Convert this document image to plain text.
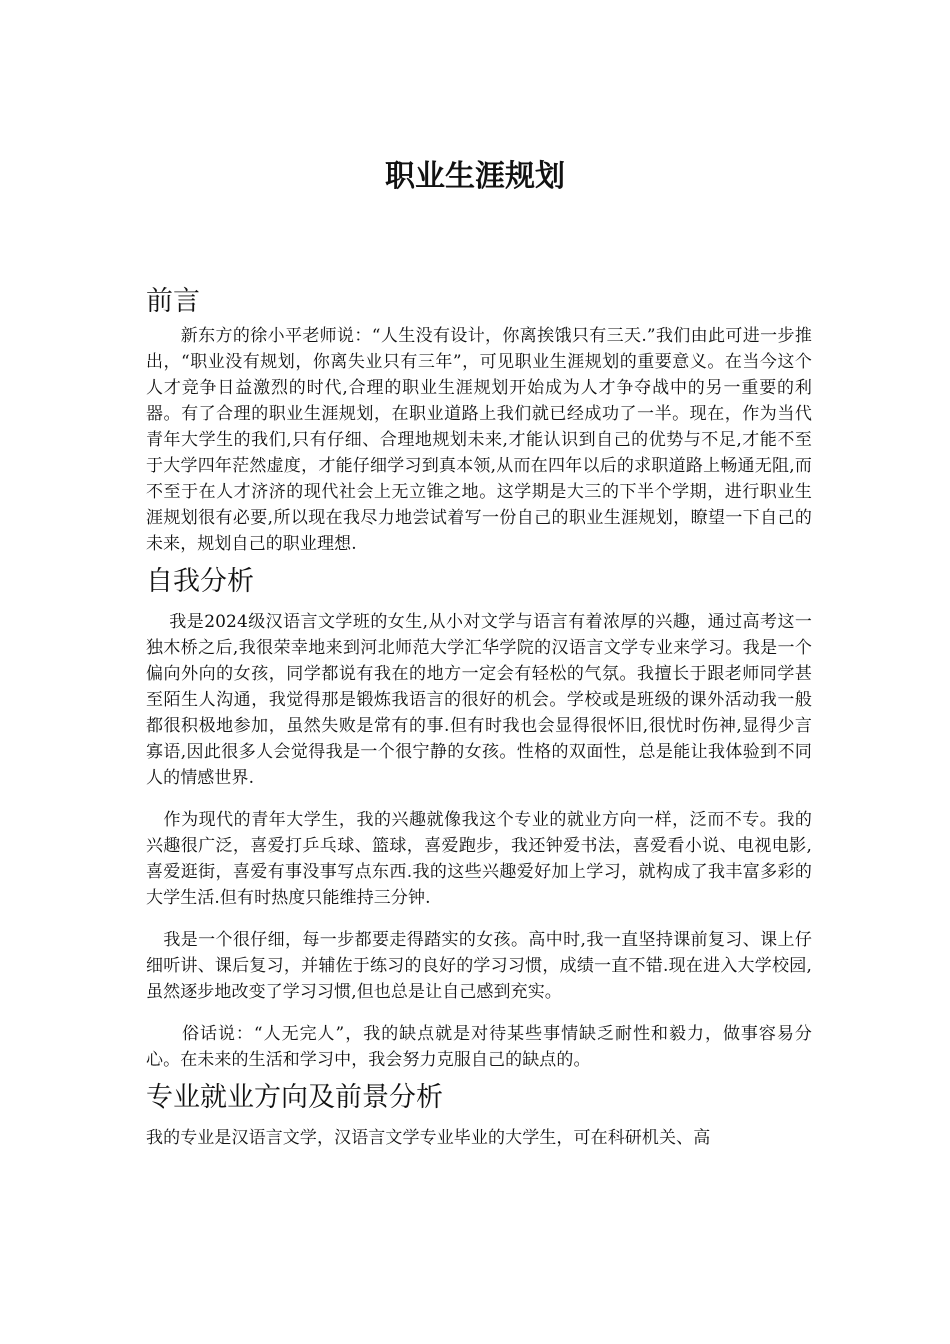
职业生涯规划
前言

　　新东方的徐小平老师说：“人生没有设计，你离挨饿只有三天.”我们由此可进一步推出，“职业没有规划，你离失业只有三年”，可见职业生涯规划的重要意义。在当今这个人才竞争日益激烈的时代,合理的职业生涯规划开始成为人才争夺战中的另一重要的利器。有了合理的职业生涯规划，在职业道路上我们就已经成功了一半。现在，作为当代青年大学生的我们,只有仔细、合理地规划未来,才能认识到自己的优势与不足,才能不至于大学四年茫然虚度，才能仔细学习到真本领,从而在四年以后的求职道路上畅通无阻,而不至于在人才济济的现代社会上无立锥之地。这学期是大三的下半个学期，进行职业生涯规划很有必要,所以现在我尽力地尝试着写一份自己的职业生涯规划，瞭望一下自己的未来，规划自己的职业理想.

自我分析

　 我是2024级汉语言文学班的女生,从小对文学与语言有着浓厚的兴趣，通过高考这一独木桥之后,我很荣幸地来到河北师范大学汇华学院的汉语言文学专业来学习。我是一个偏向外向的女孩，同学都说有我在的地方一定会有轻松的气氛。我擅长于跟老师同学甚至陌生人沟通，我觉得那是锻炼我语言的很好的机会。学校或是班级的课外活动我一般都很积极地参加，虽然失败是常有的事.但有时我也会显得很怀旧,很忧时伤神,显得少言寡语,因此很多人会觉得我是一个很宁静的女孩。性格的双面性，总是能让我体验到不同人的情感世界.

　作为现代的青年大学生，我的兴趣就像我这个专业的就业方向一样，泛而不专。我的兴趣很广泛，喜爱打乒乓球、篮球，喜爱跑步，我还钟爱书法，喜爱看小说、电视电影,喜爱逛街，喜爱有事没事写点东西.我的这些兴趣爱好加上学习，就构成了我丰富多彩的大学生活.但有时热度只能维持三分钟.

　我是一个很仔细，每一步都要走得踏实的女孩。高中时,我一直坚持课前复习、课上仔细听讲、课后复习，并辅佐于练习的良好的学习习惯，成绩一直不错.现在进入大学校园,虽然逐步地改变了学习习惯,但也总是让自己感到充实。

　　俗话说：“人无完人”，我的缺点就是对待某些事情缺乏耐性和毅力，做事容易分心。在未来的生活和学习中，我会努力克服自己的缺点的。

专业就业方向及前景分析

我的专业是汉语言文学，汉语言文学专业毕业的大学生，可在科研机关、高
